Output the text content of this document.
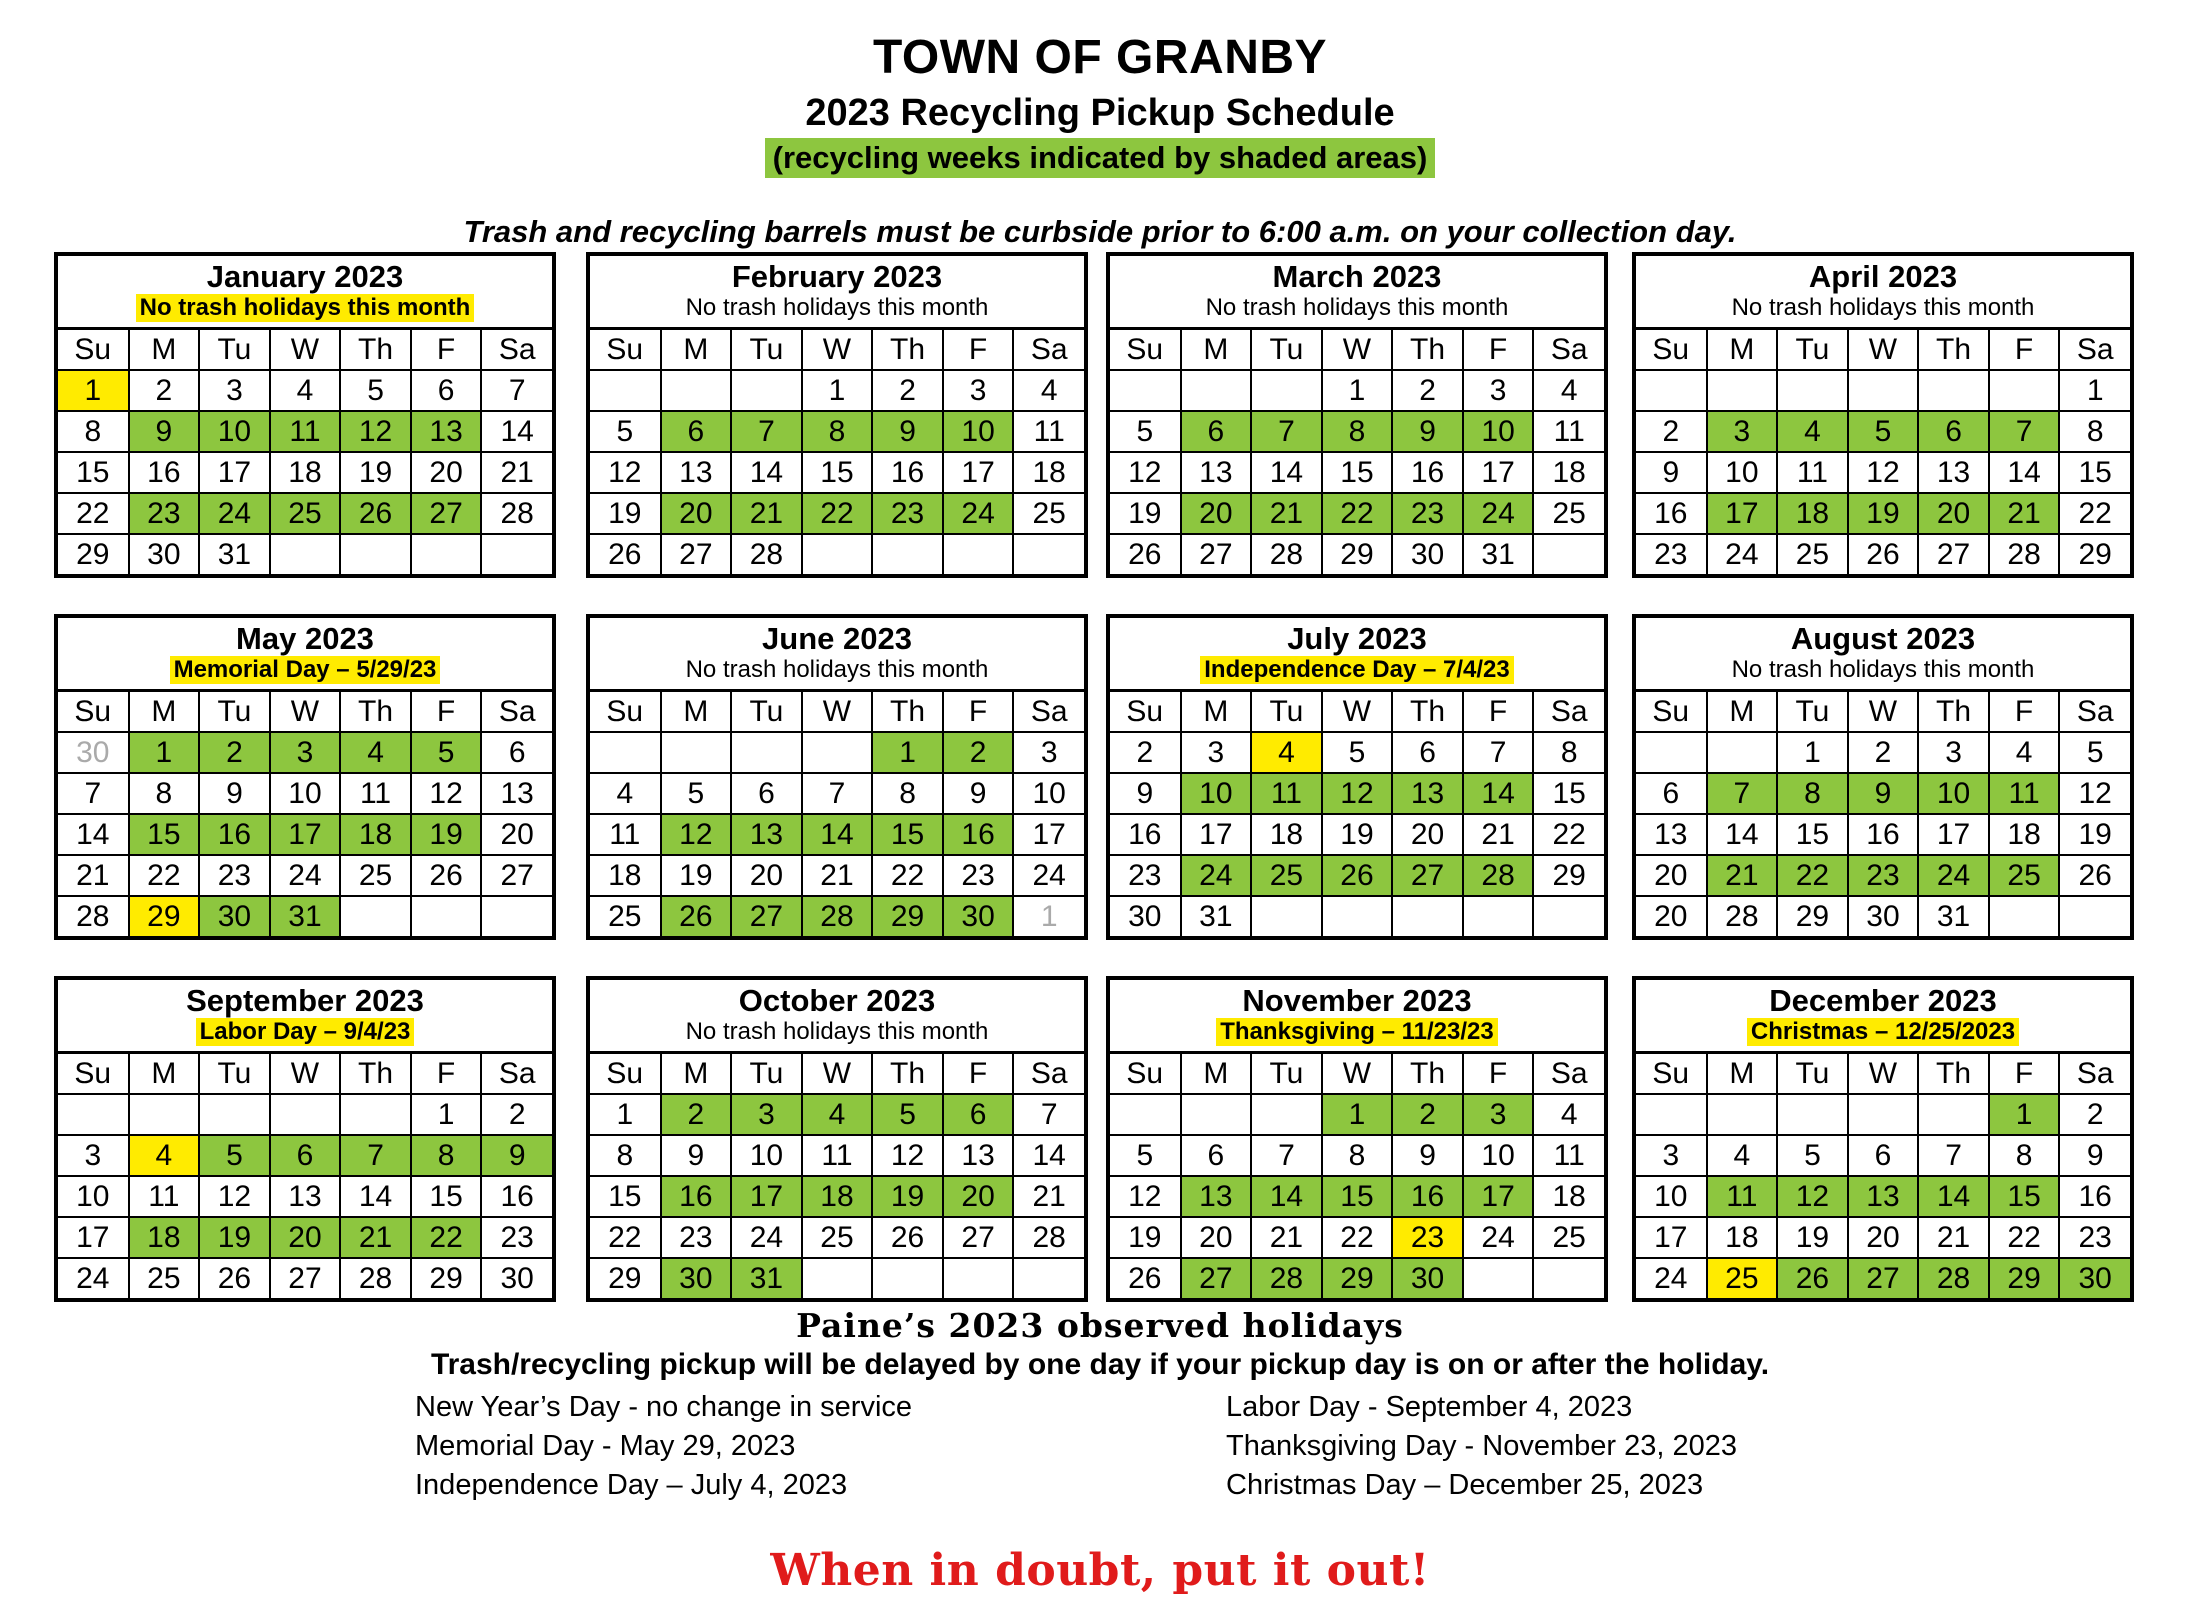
TOWN OF GRANBY
2023 Recycling Pickup Schedule
(recycling weeks indicated by shaded areas)
Trash and recycling barrels must be curbside prior to 6:00 a.m. on your collection day.
January 2023
No trash holidays this month
Su	M	Tu	W	Th	F	Sa
1	2	3	4	5	6	7
8	9	10	11	12	13	14
15	16	17	18	19	20	21
22	23	24	25	26	27	28
29	30	31				
February 2023
No trash holidays this month
Su	M	Tu	W	Th	F	Sa
			1	2	3	4
5	6	7	8	9	10	11
12	13	14	15	16	17	18
19	20	21	22	23	24	25
26	27	28				
March 2023
No trash holidays this month
Su	M	Tu	W	Th	F	Sa
			1	2	3	4
5	6	7	8	9	10	11
12	13	14	15	16	17	18
19	20	21	22	23	24	25
26	27	28	29	30	31	
April 2023
No trash holidays this month
Su	M	Tu	W	Th	F	Sa
						1
2	3	4	5	6	7	8
9	10	11	12	13	14	15
16	17	18	19	20	21	22
23	24	25	26	27	28	29
May 2023
Memorial Day – 5/29/23
Su	M	Tu	W	Th	F	Sa
30	1	2	3	4	5	6
7	8	9	10	11	12	13
14	15	16	17	18	19	20
21	22	23	24	25	26	27
28	29	30	31			
June 2023
No trash holidays this month
Su	M	Tu	W	Th	F	Sa
				1	2	3
4	5	6	7	8	9	10
11	12	13	14	15	16	17
18	19	20	21	22	23	24
25	26	27	28	29	30	1
July 2023
Independence Day – 7/4/23
Su	M	Tu	W	Th	F	Sa
2	3	4	5	6	7	8
9	10	11	12	13	14	15
16	17	18	19	20	21	22
23	24	25	26	27	28	29
30	31					
August 2023
No trash holidays this month
Su	M	Tu	W	Th	F	Sa
		1	2	3	4	5
6	7	8	9	10	11	12
13	14	15	16	17	18	19
20	21	22	23	24	25	26
20	28	29	30	31		
September 2023
Labor Day – 9/4/23
Su	M	Tu	W	Th	F	Sa
					1	2
3	4	5	6	7	8	9
10	11	12	13	14	15	16
17	18	19	20	21	22	23
24	25	26	27	28	29	30
October 2023
No trash holidays this month
Su	M	Tu	W	Th	F	Sa
1	2	3	4	5	6	7
8	9	10	11	12	13	14
15	16	17	18	19	20	21
22	23	24	25	26	27	28
29	30	31				
November 2023
Thanksgiving – 11/23/23
Su	M	Tu	W	Th	F	Sa
			1	2	3	4
5	6	7	8	9	10	11
12	13	14	15	16	17	18
19	20	21	22	23	24	25
26	27	28	29	30		
December 2023
Christmas – 12/25/2023
Su	M	Tu	W	Th	F	Sa
					1	2
3	4	5	6	7	8	9
10	11	12	13	14	15	16
17	18	19	20	21	22	23
24	25	26	27	28	29	30
Paine’s 2023 observed holidays
Trash/recycling pickup will be delayed by one day if your pickup day is on or after the holiday.
New Year’s Day - no change in service
Memorial Day - May 29, 2023
Independence Day – July 4, 2023
Labor Day - September 4, 2023
Thanksgiving Day - November 23, 2023
Christmas Day – December 25, 2023
When in doubt, put it out!
